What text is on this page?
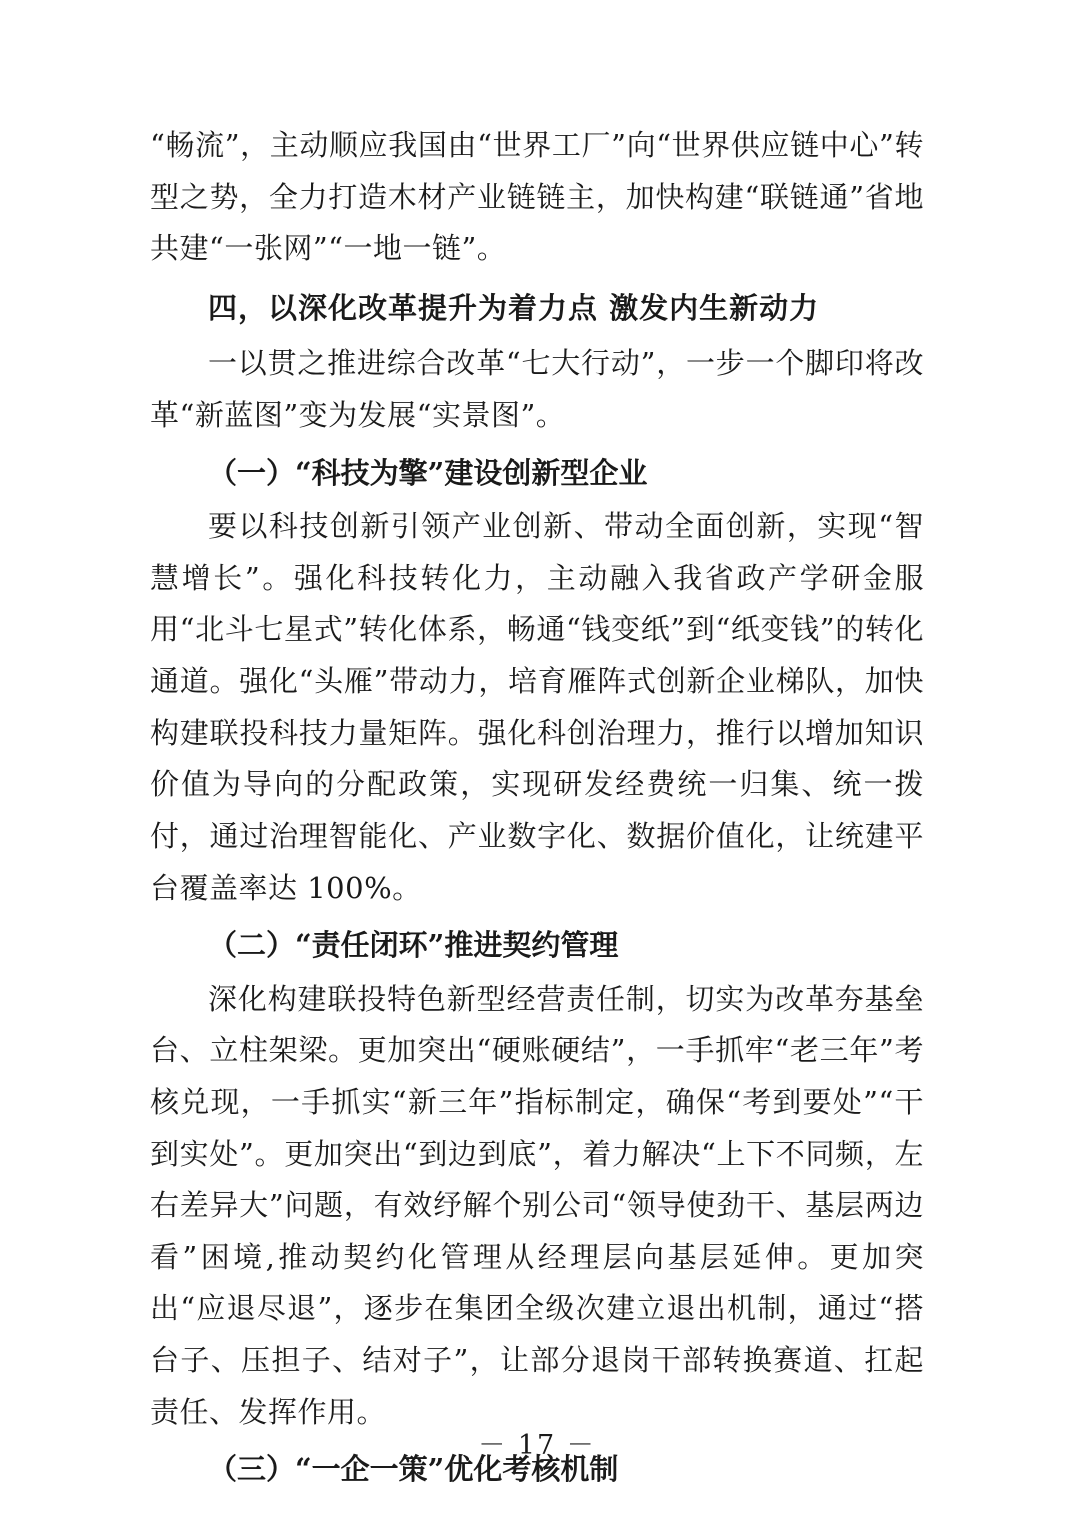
“畅流”，主动顺应我国由“世界工厂”向“世界供应链中心”转型之势，全力打造木材产业链链主，加快构建“联链通”省地共建“一张网”“一地一链”。

四，以深化改革提升为着力点 激发内生新动力

一以贯之推进综合改革“七大行动”，一步一个脚印将改革“新蓝图”变为发展“实景图”。

（一）“科技为擎”建设创新型企业

要以科技创新引领产业创新、带动全面创新，实现“智慧增长”。强化科技转化力，主动融入我省政产学研金服用“北斗七星式”转化体系，畅通“钱变纸”到“纸变钱”的转化通道。强化“头雁”带动力，培育雁阵式创新企业梯队，加快构建联投科技力量矩阵。强化科创治理力，推行以增加知识价值为导向的分配政策，实现研发经费统一归集、统一拨付，通过治理智能化、产业数字化、数据价值化，让统建平台覆盖率达 100%。

（二）“责任闭环”推进契约管理

深化构建联投特色新型经营责任制，切实为改革夯基垒台、立柱架梁。更加突出“硬账硬结”，一手抓牢“老三年”考核兑现，一手抓实“新三年”指标制定，确保“考到要处”“干到实处”。更加突出“到边到底”，着力解决“上下不同频，左右差异大”问题，有效纾解个别公司“领导使劲干、基层两边看”困境,推动契约化管理从经理层向基层延伸。更加突出“应退尽退”，逐步在集团全级次建立退出机制，通过“搭台子、压担子、结对子”，让部分退岗干部转换赛道、扛起责任、发挥作用。

（三）“一企一策”优化考核机制
－ 17 －
